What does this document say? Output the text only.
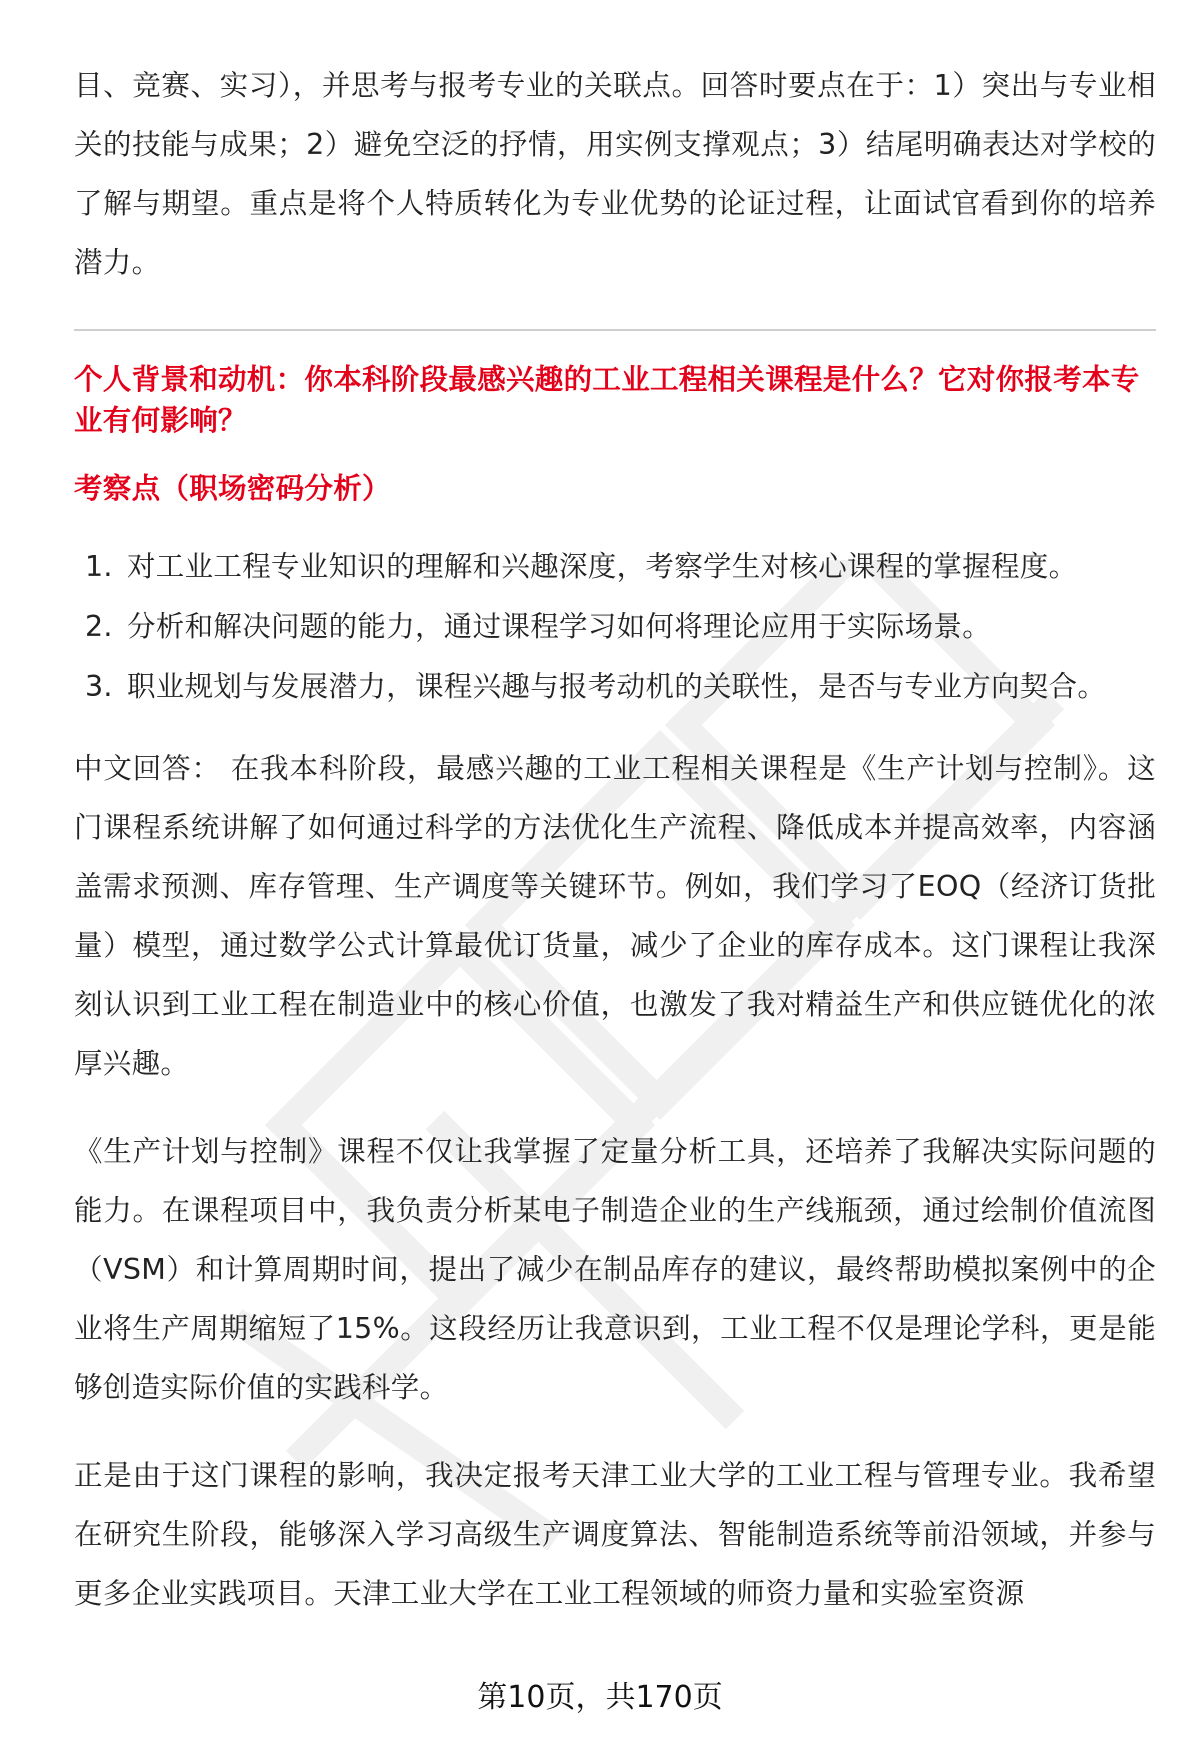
目、竞赛、实习），并思考与报考专业的关联点。回答时要点在于：1）突出与专业相关的技能与成果；2）避免空泛的抒情，用实例支撑观点；3）结尾明确表达对学校的了解与期望。重点是将个人特质转化为专业优势的论证过程，让面试官看到你的培养潜力。

个人背景和动机：你本科阶段最感兴趣的工业工程相关课程是什么？它对你报考本专业有何影响？

考察点（职场密码分析）

1. 对工业工程专业知识的理解和兴趣深度，考察学生对核心课程的掌握程度。
2. 分析和解决问题的能力，通过课程学习如何将理论应用于实际场景。
3. 职业规划与发展潜力，课程兴趣与报考动机的关联性，是否与专业方向契合。

中文回答： 在我本科阶段，最感兴趣的工业工程相关课程是《生产计划与控制》。这门课程系统讲解了如何通过科学的方法优化生产流程、降低成本并提高效率，内容涵盖需求预测、库存管理、生产调度等关键环节。例如，我们学习了EOQ（经济订货批量）模型，通过数学公式计算最优订货量，减少了企业的库存成本。这门课程让我深刻认识到工业工程在制造业中的核心价值，也激发了我对精益生产和供应链优化的浓厚兴趣。

《生产计划与控制》课程不仅让我掌握了定量分析工具，还培养了我解决实际问题的能力。在课程项目中，我负责分析某电子制造企业的生产线瓶颈，通过绘制价值流图（VSM）和计算周期时间，提出了减少在制品库存的建议，最终帮助模拟案例中的企业将生产周期缩短了15%。这段经历让我意识到，工业工程不仅是理论学科，更是能够创造实际价值的实践科学。

正是由于这门课程的影响，我决定报考天津工业大学的工业工程与管理专业。我希望在研究生阶段，能够深入学习高级生产调度算法、智能制造系统等前沿领域，并参与更多企业实践项目。天津工业大学在工业工程领域的师资力量和实验室资源

第10页，共170页
